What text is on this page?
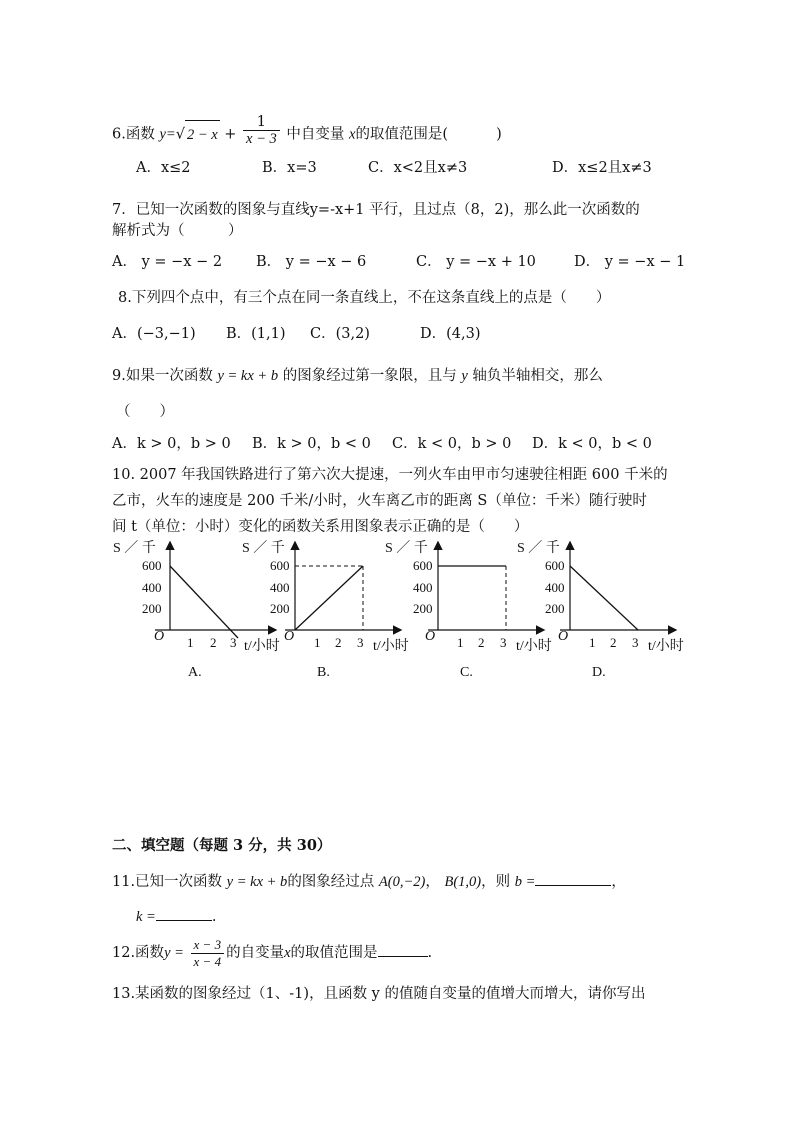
6.函数 y=√ $2 - x + \frac{1}{x - 3}$ 中自变量 x的取值范围是(	)
A．x≤2	B．x=3	C．x<2且x≠3	D．x≤2且x≠3
7．已知一次函数的图象与直线y=-x+1 平行，且过点（8，2)，那么此一次函数的
解析式为（　　　）
A． y = −x − 2 B． y = −x − 6	C． y = −x + 10	D． y = −x − 1
8.下列四个点中，有三个点在同一条直线上，不在这条直线上的点是（　　）
A．(−3,−1) B．(1,1) C．(3,2)	D．(4,3)
9.如果一次函数 y = kx + b 的图象经过第一象限，且与 y 轴负半轴相交，那么
（　　）
A．k > 0，b > 0 B．k > 0，b < 0 C．k < 0，b > 0 D．k < 0，b < 0
10. 2007 年我国铁路进行了第六次大提速，一列火车由甲市匀速驶往相距 600 千米的
乙市，火车的速度是 200 千米/小时，火车离乙市的距离 S（单位：千米）随行驶时
间 t（单位：小时）变化的函数关系用图象表示正确的是（　　）
S ／ 千
600
400
200
O 1 2 3 t/小时
A.
S ／ 千
600
400
200
O 1 2 3 t/小时
B.
S ／ 千
600
400
200
O 1 2 3 t/小时
C.
S ／ 千
600
400
200
O 1 2 3 t/小时
D.
二、填空题（每题 3 分，共 30）
11.已知一次函数 y = kx + b的图象经过点 A(0,−2)， B(1,0)，则 b =	，
k =	.
12.函数$y = \frac{x - 3}{x - 4}$ 的自变量x的取值范围是	.
13.某函数的图象经过（1、-1)，且函数 y 的值随自变量的值增大而增大，请你写出
